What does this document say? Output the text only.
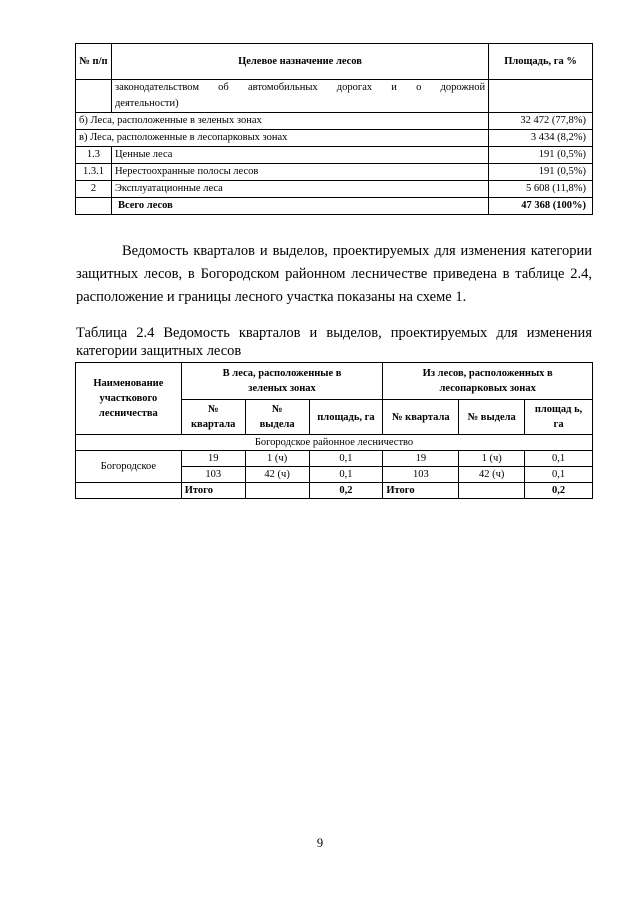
№ п/п	Целевое назначение лесов	Площадь, га %

	законодательством об автомобильных дорогах и о дорожной
деятельности)	

б) Леса, расположенные в зеленых зонах		32 472 (77,8%)
в) Леса, расположенные в лесопарковых зонах		3 434 (8,2%)
1.3	Ценные леса	191 (0,5%)
1.3.1	Нерестоохранные полосы лесов	191 (0,5%)
2	Эксплуатационные леса	5 608 (11,8%)
	Всего лесов	47 368 (100%)
Ведомость кварталов и выделов, проектируемых для изменения категории
защитных лесов, в Богородском районном лесничестве приведена в таблице 2.4,
расположение и границы лесного участка показаны на схеме 1.
Таблица 2.4 Ведомость кварталов и выделов, проектируемых для изменения
категории защитных лесов
Наименование участкового лесничества	В леса, расположенные в зеленых зонах			Из лесов, расположенных в лесопарковых зонах		
	№ квартала	№ выдела	площадь, га	№ квартала	№ выдела	площад ь, га
Богородское районное лесничество						
Богородское	19	1 (ч)	0,1	19	1 (ч)	0,1
	103	42 (ч)	0,1	103	42 (ч)	0,1
	Итого		0,2	Итого		0,2
9
